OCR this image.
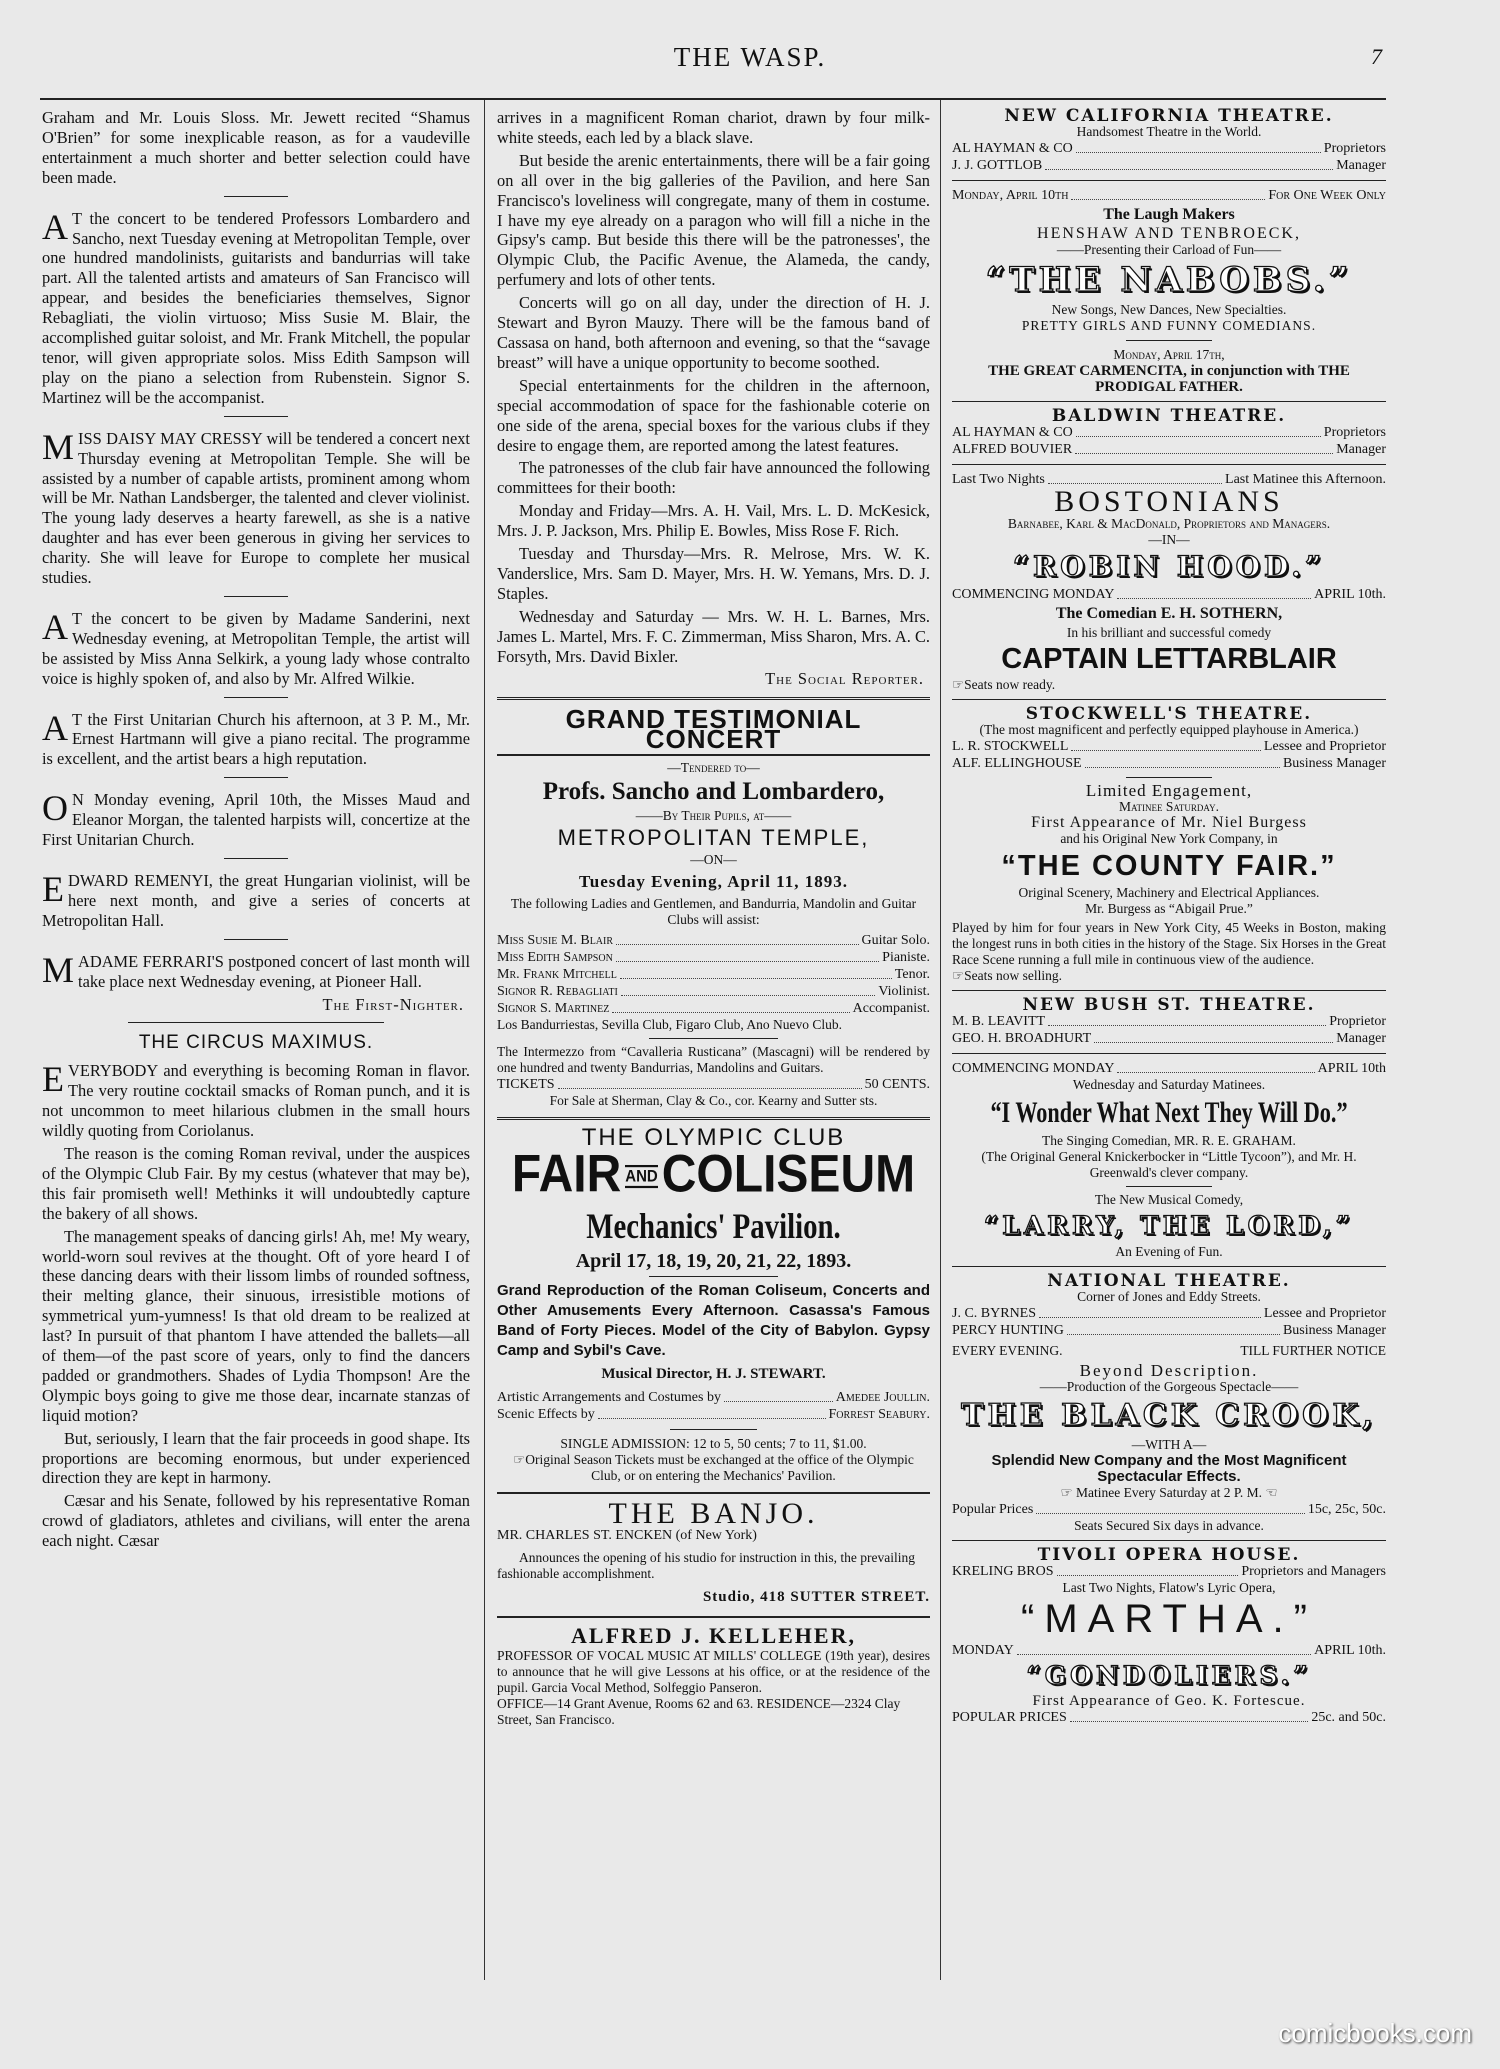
THE WASP.	7

Graham and Mr. Louis Sloss. Mr. Jewett recited “Shamus O'Brien” for some inexplicable reason, as for a vaudeville entertainment a much shorter and better selection could have been made.

AT the concert to be tendered Professors Lombardero and Sancho, next Tuesday evening at Metropolitan Temple, over one hundred mandolinists, guitarists and bandurrias will take part. All the talented artists and amateurs of San Francisco will appear, and besides the beneficiaries themselves, Signor Rebagliati, the violin virtuoso; Miss Susie M. Blair, the accomplished guitar soloist, and Mr. Frank Mitchell, the popular tenor, will given appropriate solos. Miss Edith Sampson will play on the piano a selection from Rubenstein. Signor S. Martinez will be the accompanist.

MISS DAISY MAY CRESSY will be tendered a concert next Thursday evening at Metropolitan Temple. She will be assisted by a number of capable artists, prominent among whom will be Mr. Nathan Landsberger, the talented and clever violinist. The young lady deserves a hearty farewell, as she is a native daughter and has ever been generous in giving her services to charity. She will leave for Europe to complete her musical studies.

AT the concert to be given by Madame Sanderini, next Wednesday evening, at Metropolitan Temple, the artist will be assisted by Miss Anna Selkirk, a young lady whose contralto voice is highly spoken of, and also by Mr. Alfred Wilkie.

AT the First Unitarian Church his afternoon, at 3 P. M., Mr. Ernest Hartmann will give a piano recital. The programme is excellent, and the artist bears a high reputation.

ON Monday evening, April 10th, the Misses Maud and Eleanor Morgan, the talented harpists will, concertize at the First Unitarian Church.

EDWARD REMENYI, the great Hungarian violinist, will be here next month, and give a series of concerts at Metropolitan Hall.

MADAME FERRARI'S postponed concert of last month will take place next Wednesday evening, at Pioneer Hall.

The First-Nighter.
THE CIRCUS MAXIMUS.

EVERYBODY and everything is becoming Roman in flavor. The very routine cocktail smacks of Roman punch, and it is not uncommon to meet hilarious clubmen in the small hours wildly quoting from Coriolanus.

The reason is the coming Roman revival, under the auspices of the Olympic Club Fair. By my cestus (whatever that may be), this fair promiseth well! Methinks it will undoubtedly capture the bakery of all shows.

The management speaks of dancing girls! Ah, me! My weary, world-worn soul revives at the thought. Oft of yore heard I of these dancing dears with their lissom limbs of rounded softness, their melting glance, their sinuous, irresistible motions of symmetrical yum-yumness! Is that old dream to be realized at last? In pursuit of that phantom I have attended the ballets—all of them—of the past score of years, only to find the dancers padded or grandmothers. Shades of Lydia Thompson! Are the Olympic boys going to give me those dear, incarnate stanzas of liquid motion?

But, seriously, I learn that the fair proceeds in good shape. Its proportions are becoming enormous, but under experienced direction they are kept in harmony.

Cæsar and his Senate, followed by his representative Roman crowd of gladiators, athletes and civilians, will enter the arena each night. Cæsar

arrives in a magnificent Roman chariot, drawn by four milk-white steeds, each led by a black slave.

But beside the arenic entertainments, there will be a fair going on all over in the big galleries of the Pavilion, and here San Francisco's loveliness will congregate, many of them in costume. I have my eye already on a paragon who will fill a niche in the Gipsy's camp. But beside this there will be the patronesses', the Olympic Club, the Pacific Avenue, the Alameda, the candy, perfumery and lots of other tents.

Concerts will go on all day, under the direction of H. J. Stewart and Byron Mauzy. There will be the famous band of Cassasa on hand, both afternoon and evening, so that the “savage breast” will have a unique opportunity to become soothed.

Special entertainments for the children in the afternoon, special accommodation of space for the fashionable coterie on one side of the arena, special boxes for the various clubs if they desire to engage them, are reported among the latest features.

The patronesses of the club fair have announced the following committees for their booth:

Monday and Friday—Mrs. A. H. Vail, Mrs. L. D. McKesick, Mrs. J. P. Jackson, Mrs. Philip E. Bowles, Miss Rose F. Rich.

Tuesday and Thursday—Mrs. R. Melrose, Mrs. W. K. Vanderslice, Mrs. Sam D. Mayer, Mrs. H. W. Yemans, Mrs. D. J. Staples.

Wednesday and Saturday — Mrs. W. H. L. Barnes, Mrs. James L. Martel, Mrs. F. C. Zimmerman, Miss Sharon, Mrs. A. C. Forsyth, Mrs. David Bixler.

The Social Reporter.
GRAND TESTIMONIAL CONCERT
—Tendered to—
Profs. Sancho and Lombardero,
——By Their Pupils, at——
METROPOLITAN TEMPLE,
—ON—
Tuesday Evening, April 11, 1893.
The following Ladies and Gentlemen, and Bandurria, Mandolin and Guitar Clubs will assist:
Miss Susie M. Blair	Guitar Solo.
Miss Edith Sampson	Pianiste.
Mr. Frank Mitchell	Tenor.
Signor R. Rebagliati	Violinist.
Signor S. Martinez	Accompanist.
Los Bandurriestas, Sevilla Club, Figaro Club, Ano Nuevo Club.
The Intermezzo from “Cavalleria Rusticana” (Mascagni) will be rendered by one hundred and twenty Bandurrias, Mandolins and Guitars.
TICKETS	50 CENTS.
For Sale at Sherman, Clay & Co., cor. Kearny and Sutter sts.
THE OLYMPIC CLUB
FAIR ANDCOLISEUM
Mechanics' Pavilion.
April 17, 18, 19, 20, 21, 22, 1893.
Grand Reproduction of the Roman Coliseum, Concerts and Other Amusements Every Afternoon. Casassa's Famous Band of Forty Pieces. Model of the City of Babylon. Gypsy Camp and Sybil's Cave.
Musical Director, H. J. STEWART.
Artistic Arrangements and Costumes by	Amedee Joullin.
Scenic Effects by	Forrest Seabury.
SINGLE ADMISSION: 12 to 5, 50 cents; 7 to 11, $1.00.
☞Original Season Tickets must be exchanged at the office of the Olympic Club, or on entering the Mechanics' Pavilion.
THE BANJO.
MR. CHARLES ST. ENCKEN (of New York)
Announces the opening of his studio for instruction in this, the prevailing fashionable accomplishment.
Studio, 418 SUTTER STREET.
ALFRED J. KELLEHER,
PROFESSOR OF VOCAL MUSIC AT MILLS' COLLEGE (19th year), desires to announce that he will give Lessons at his office, or at the residence of the pupil. Garcia Vocal Method, Solfeggio Panseron.
OFFICE—14 Grant Avenue, Rooms 62 and 63. RESIDENCE—2324 Clay Street, San Francisco.
NEW CALIFORNIA THEATRE.
Handsomest Theatre in the World.
AL HAYMAN & CO	Proprietors
J. J. GOTTLOB	Manager
Monday, April 10th	For One Week Only
The Laugh Makers
HENSHAW AND TENBROECK,
——Presenting their Carload of Fun——
“THE NABOBS.”
New Songs, New Dances, New Specialties.
PRETTY GIRLS AND FUNNY COMEDIANS.
Monday, April 17th,
THE GREAT CARMENCITA, in conjunction with THE PRODIGAL FATHER.
BALDWIN THEATRE.
AL HAYMAN & CO	Proprietors
ALFRED BOUVIER	Manager
Last Two Nights	Last Matinee this Afternoon.
BOSTONIANS
Barnabee, Karl & MacDonald, Proprietors and Managers.
—IN—
“ROBIN HOOD.”
COMMENCING MONDAY	APRIL 10th.
The Comedian E. H. SOTHERN,
In his brilliant and successful comedy
CAPTAIN LETTARBLAIR
☞Seats now ready.
STOCKWELL'S THEATRE.
(The most magnificent and perfectly equipped playhouse in America.)
L. R. STOCKWELL	Lessee and Proprietor
ALF. ELLINGHOUSE	Business Manager
Limited Engagement,
Matinee Saturday.
First Appearance of Mr. Niel Burgess
and his Original New York Company, in
“THE COUNTY FAIR.”
Original Scenery, Machinery and Electrical Appliances.
Mr. Burgess as “Abigail Prue.”
Played by him for four years in New York City, 45 Weeks in Boston, making the longest runs in both cities in the history of the Stage. Six Horses in the Great Race Scene running a full mile in continuous view of the audience.
☞Seats now selling.
NEW BUSH ST. THEATRE.
M. B. LEAVITT	Proprietor
GEO. H. BROADHURT	Manager
COMMENCING MONDAY	APRIL 10th
Wednesday and Saturday Matinees.
“I Wonder What Next They Will Do.”
The Singing Comedian, MR. R. E. GRAHAM.
(The Original General Knickerbocker in “Little Tycoon”), and Mr. H. Greenwald's clever company.
The New Musical Comedy,
“LARRY, THE LORD,”
An Evening of Fun.
NATIONAL THEATRE.
Corner of Jones and Eddy Streets.
J. C. BYRNES	Lessee and Proprietor
PERCY HUNTING	Business Manager
EVERY EVENING.	TILL FURTHER NOTICE
Beyond Description.
——Production of the Gorgeous Spectacle——
THE BLACK CROOK,
—WITH A—
Splendid New Company and the Most Magnificent Spectacular Effects.
☞ Matinee Every Saturday at 2 P. M. ☜
Popular Prices	15c, 25c, 50c.
Seats Secured Six days in advance.
TIVOLI OPERA HOUSE.
KRELING BROS	Proprietors and Managers
Last Two Nights, Flatow's Lyric Opera,
“MARTHA.”
MONDAY	APRIL 10th.
“GONDOLIERS.”
First Appearance of Geo. K. Fortescue.
POPULAR PRICES	25c. and 50c.
comicbooks.com
